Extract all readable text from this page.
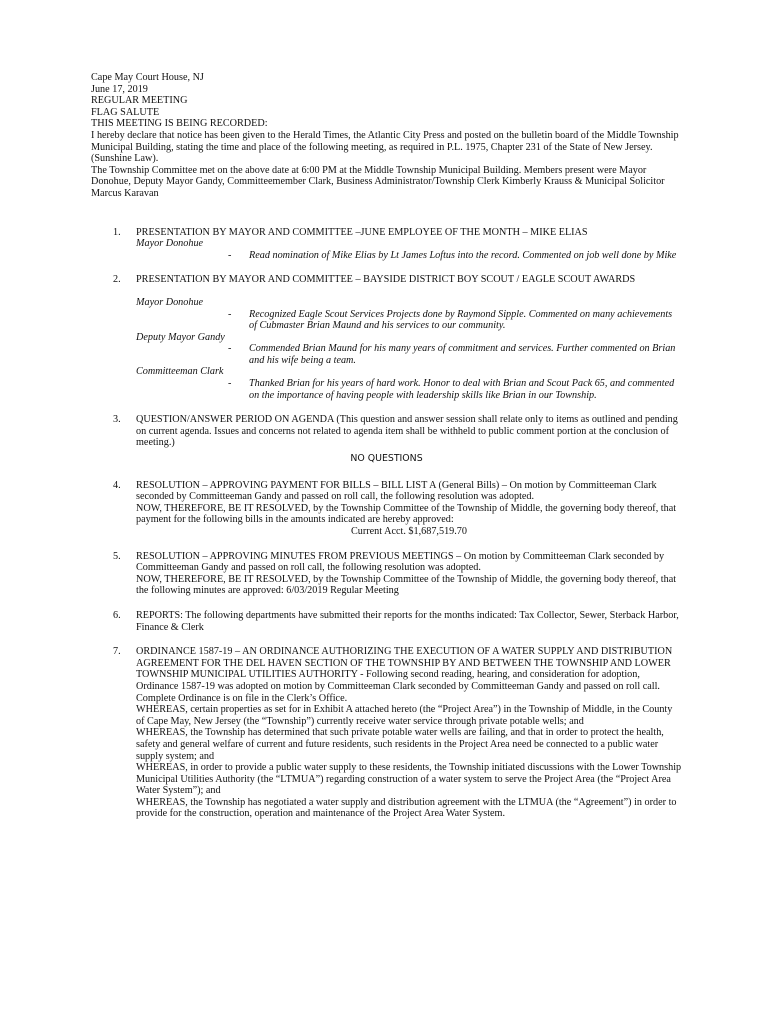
Cape May Court House, NJ

June 17, 2019

REGULAR MEETING

FLAG SALUTE

THIS MEETING IS BEING RECORDED:

I hereby declare that notice has been given to the Herald Times, the Atlantic City Press and posted on the bulletin board of the Middle Township Municipal Building, stating the time and place of the following meeting, as required in P.L. 1975, Chapter 231 of the State of New Jersey. (Sunshine Law).

The Township Committee met on the above date at 6:00 PM at the Middle Township Municipal Building. Members present were Mayor Donohue, Deputy Mayor Gandy, Committeemember Clark, Business Administrator/Township Clerk Kimberly Krauss & Municipal Solicitor Marcus Karavan

1. PRESENTATION BY MAYOR AND COMMITTEE –JUNE EMPLOYEE OF THE MONTH – MIKE ELIAS

Mayor Donohue

- Read nomination of Mike Elias by Lt James Loftus into the record. Commented on job well done by Mike

2. PRESENTATION BY MAYOR AND COMMITTEE – BAYSIDE DISTRICT BOY SCOUT / EAGLE SCOUT AWARDS

Mayor Donohue

- Recognized Eagle Scout Services Projects done by Raymond Sipple. Commented on many achievements of Cubmaster Brian Maund and his services to our community.

Deputy Mayor Gandy

- Commended Brian Maund for his many years of commitment and services. Further commented on Brian and his wife being a team.

Committeeman Clark

- Thanked Brian for his years of hard work. Honor to deal with Brian and Scout Pack 65, and commented on the importance of having people with leadership skills like Brian in our Township.

3. QUESTION/ANSWER PERIOD ON AGENDA (This question and answer session shall relate only to items as outlined and pending on current agenda. Issues and concerns not related to agenda item shall be withheld to public comment portion at the conclusion of meeting.)

NO QUESTIONS

4. RESOLUTION – APPROVING PAYMENT FOR BILLS – BILL LIST A (General Bills) – On motion by Committeeman Clark seconded by Committeeman Gandy and passed on roll call, the following resolution was adopted.

NOW, THEREFORE, BE IT RESOLVED, by the Township Committee of the Township of Middle, the governing body thereof, that payment for the following bills in the amounts indicated are hereby approved:

Current Acct. $1,687,519.70

5. RESOLUTION – APPROVING MINUTES FROM PREVIOUS MEETINGS – On motion by Committeeman Clark seconded by Committeeman Gandy and passed on roll call, the following resolution was adopted.

NOW, THEREFORE, BE IT RESOLVED, by the Township Committee of the Township of Middle, the governing body thereof, that the following minutes are approved: 6/03/2019 Regular Meeting

6. REPORTS: The following departments have submitted their reports for the months indicated: Tax Collector, Sewer, Sterback Harbor, Finance & Clerk

7. ORDINANCE 1587-19 – AN ORDINANCE AUTHORIZING THE EXECUTION OF A WATER SUPPLY AND DISTRIBUTION AGREEMENT FOR THE DEL HAVEN SECTION OF THE TOWNSHIP BY AND BETWEEN THE TOWNSHIP AND LOWER TOWNSHIP MUNICIPAL UTILITIES AUTHORITY - Following second reading, hearing, and consideration for adoption, Ordinance 1587-19 was adopted on motion by Committeeman Clark seconded by Committeeman Gandy and passed on roll call. Complete Ordinance is on file in the Clerk’s Office.

WHEREAS, certain properties as set for in Exhibit A attached hereto (the “Project Area”) in the Township of Middle, in the County of Cape May, New Jersey (the “Township”) currently receive water service through private potable wells; and

WHEREAS, the Township has determined that such private potable water wells are failing, and that in order to protect the health, safety and general welfare of current and future residents, such residents in the Project Area need be connected to a public water supply system; and

WHEREAS, in order to provide a public water supply to these residents, the Township initiated discussions with the Lower Township Municipal Utilities Authority (the “LTMUA”) regarding construction of a water system to serve the Project Area (the “Project Area Water System”); and

WHEREAS, the Township has negotiated a water supply and distribution agreement with the LTMUA (the “Agreement”) in order to provide for the construction, operation and maintenance of the Project Area Water System.
